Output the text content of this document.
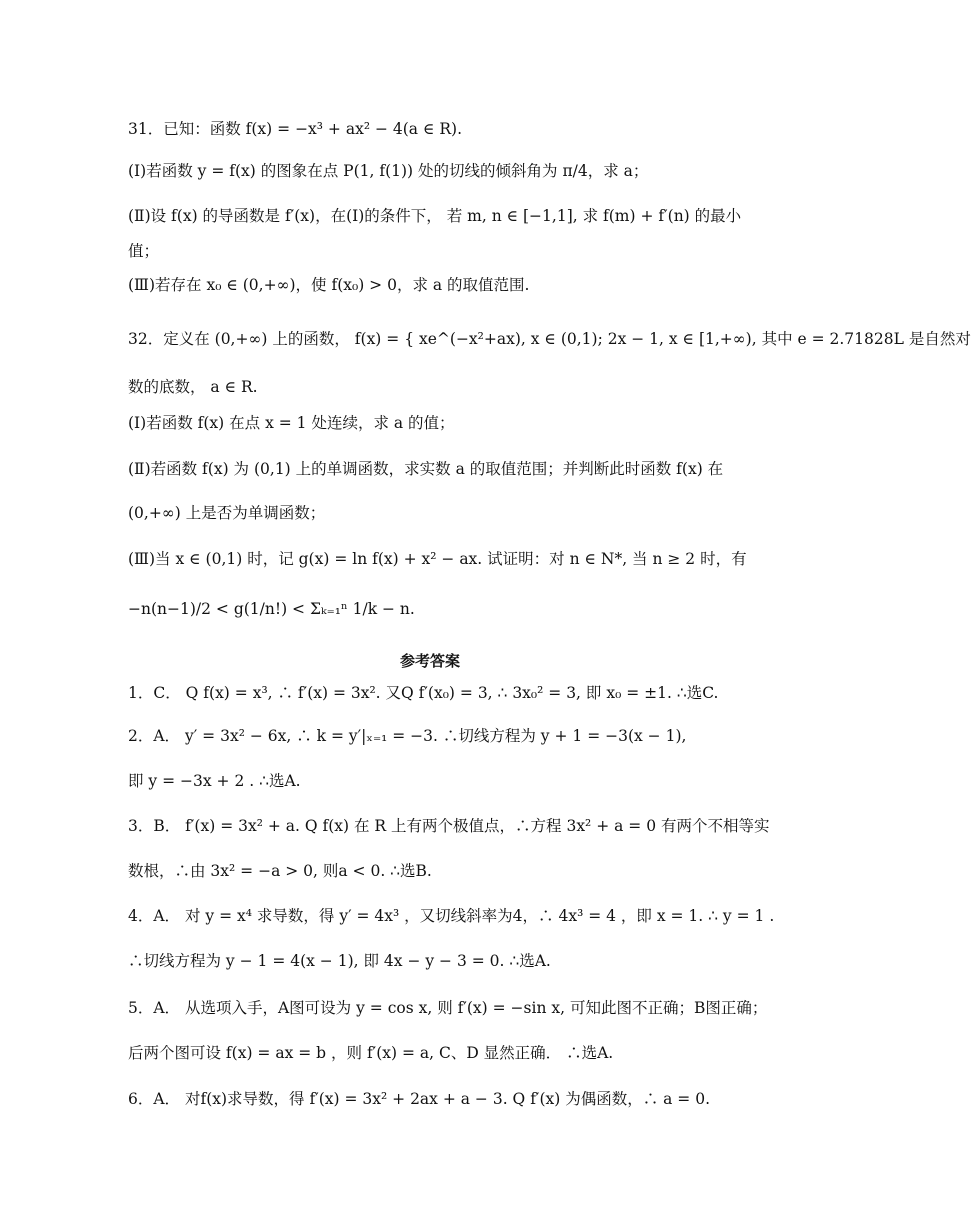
31．已知：函数 f(x) = −x³ + ax² − 4(a ∈ R).
(Ⅰ)若函数 y = f(x) 的图象在点 P(1, f(1)) 处的切线的倾斜角为 π/4，求 a；
(Ⅱ)设 f(x) 的导函数是 f′(x)，在(Ⅰ)的条件下， 若 m, n ∈ [−1,1], 求 f(m) + f′(n) 的最小
值；
(Ⅲ)若存在 x₀ ∈ (0,+∞)，使 f(x₀) > 0，求 a 的取值范围.
32．定义在 (0,+∞) 上的函数， f(x) = { xe^(−x²+ax), x ∈ (0,1); 2x − 1, x ∈ [1,+∞), 其中 e = 2.71828L 是自然对
数的底数， a ∈ R.
(Ⅰ)若函数 f(x) 在点 x = 1 处连续，求 a 的值；
(Ⅱ)若函数 f(x) 为 (0,1) 上的单调函数，求实数 a 的取值范围；并判断此时函数 f(x) 在
(0,+∞) 上是否为单调函数；
(Ⅲ)当 x ∈ (0,1) 时，记 g(x) = ln f(x) + x² − ax. 试证明：对 n ∈ N*, 当 n ≥ 2 时，有
−n(n−1)/2 < g(1/n!) < Σₖ₌₁ⁿ 1/k − n.
参考答案
1．C． Q f(x) = x³, ∴ f′(x) = 3x². 又Q f′(x₀) = 3, ∴ 3x₀² = 3, 即 x₀ = ±1. ∴选C.
2．A． y′ = 3x² − 6x, ∴ k = y′|ₓ₌₁ = −3. ∴切线方程为 y + 1 = −3(x − 1),
即 y = −3x + 2 . ∴选A.
3．B． f′(x) = 3x² + a. Q f(x) 在 R 上有两个极值点，∴方程 3x² + a = 0 有两个不相等实
数根，∴由 3x² = −a > 0, 则a < 0. ∴选B.
4．A． 对 y = x⁴ 求导数，得 y′ = 4x³ ，又切线斜率为4，∴ 4x³ = 4 ，即 x = 1. ∴ y = 1 .
∴切线方程为 y − 1 = 4(x − 1), 即 4x − y − 3 = 0. ∴选A.
5．A． 从选项入手，A图可设为 y = cos x, 则 f′(x) = −sin x, 可知此图不正确；B图正确；
后两个图可设 f(x) = ax = b ，则 f′(x) = a, C、D 显然正确． ∴选A.
6．A． 对f(x)求导数，得 f′(x) = 3x² + 2ax + a − 3. Q f′(x) 为偶函数，∴ a = 0.
